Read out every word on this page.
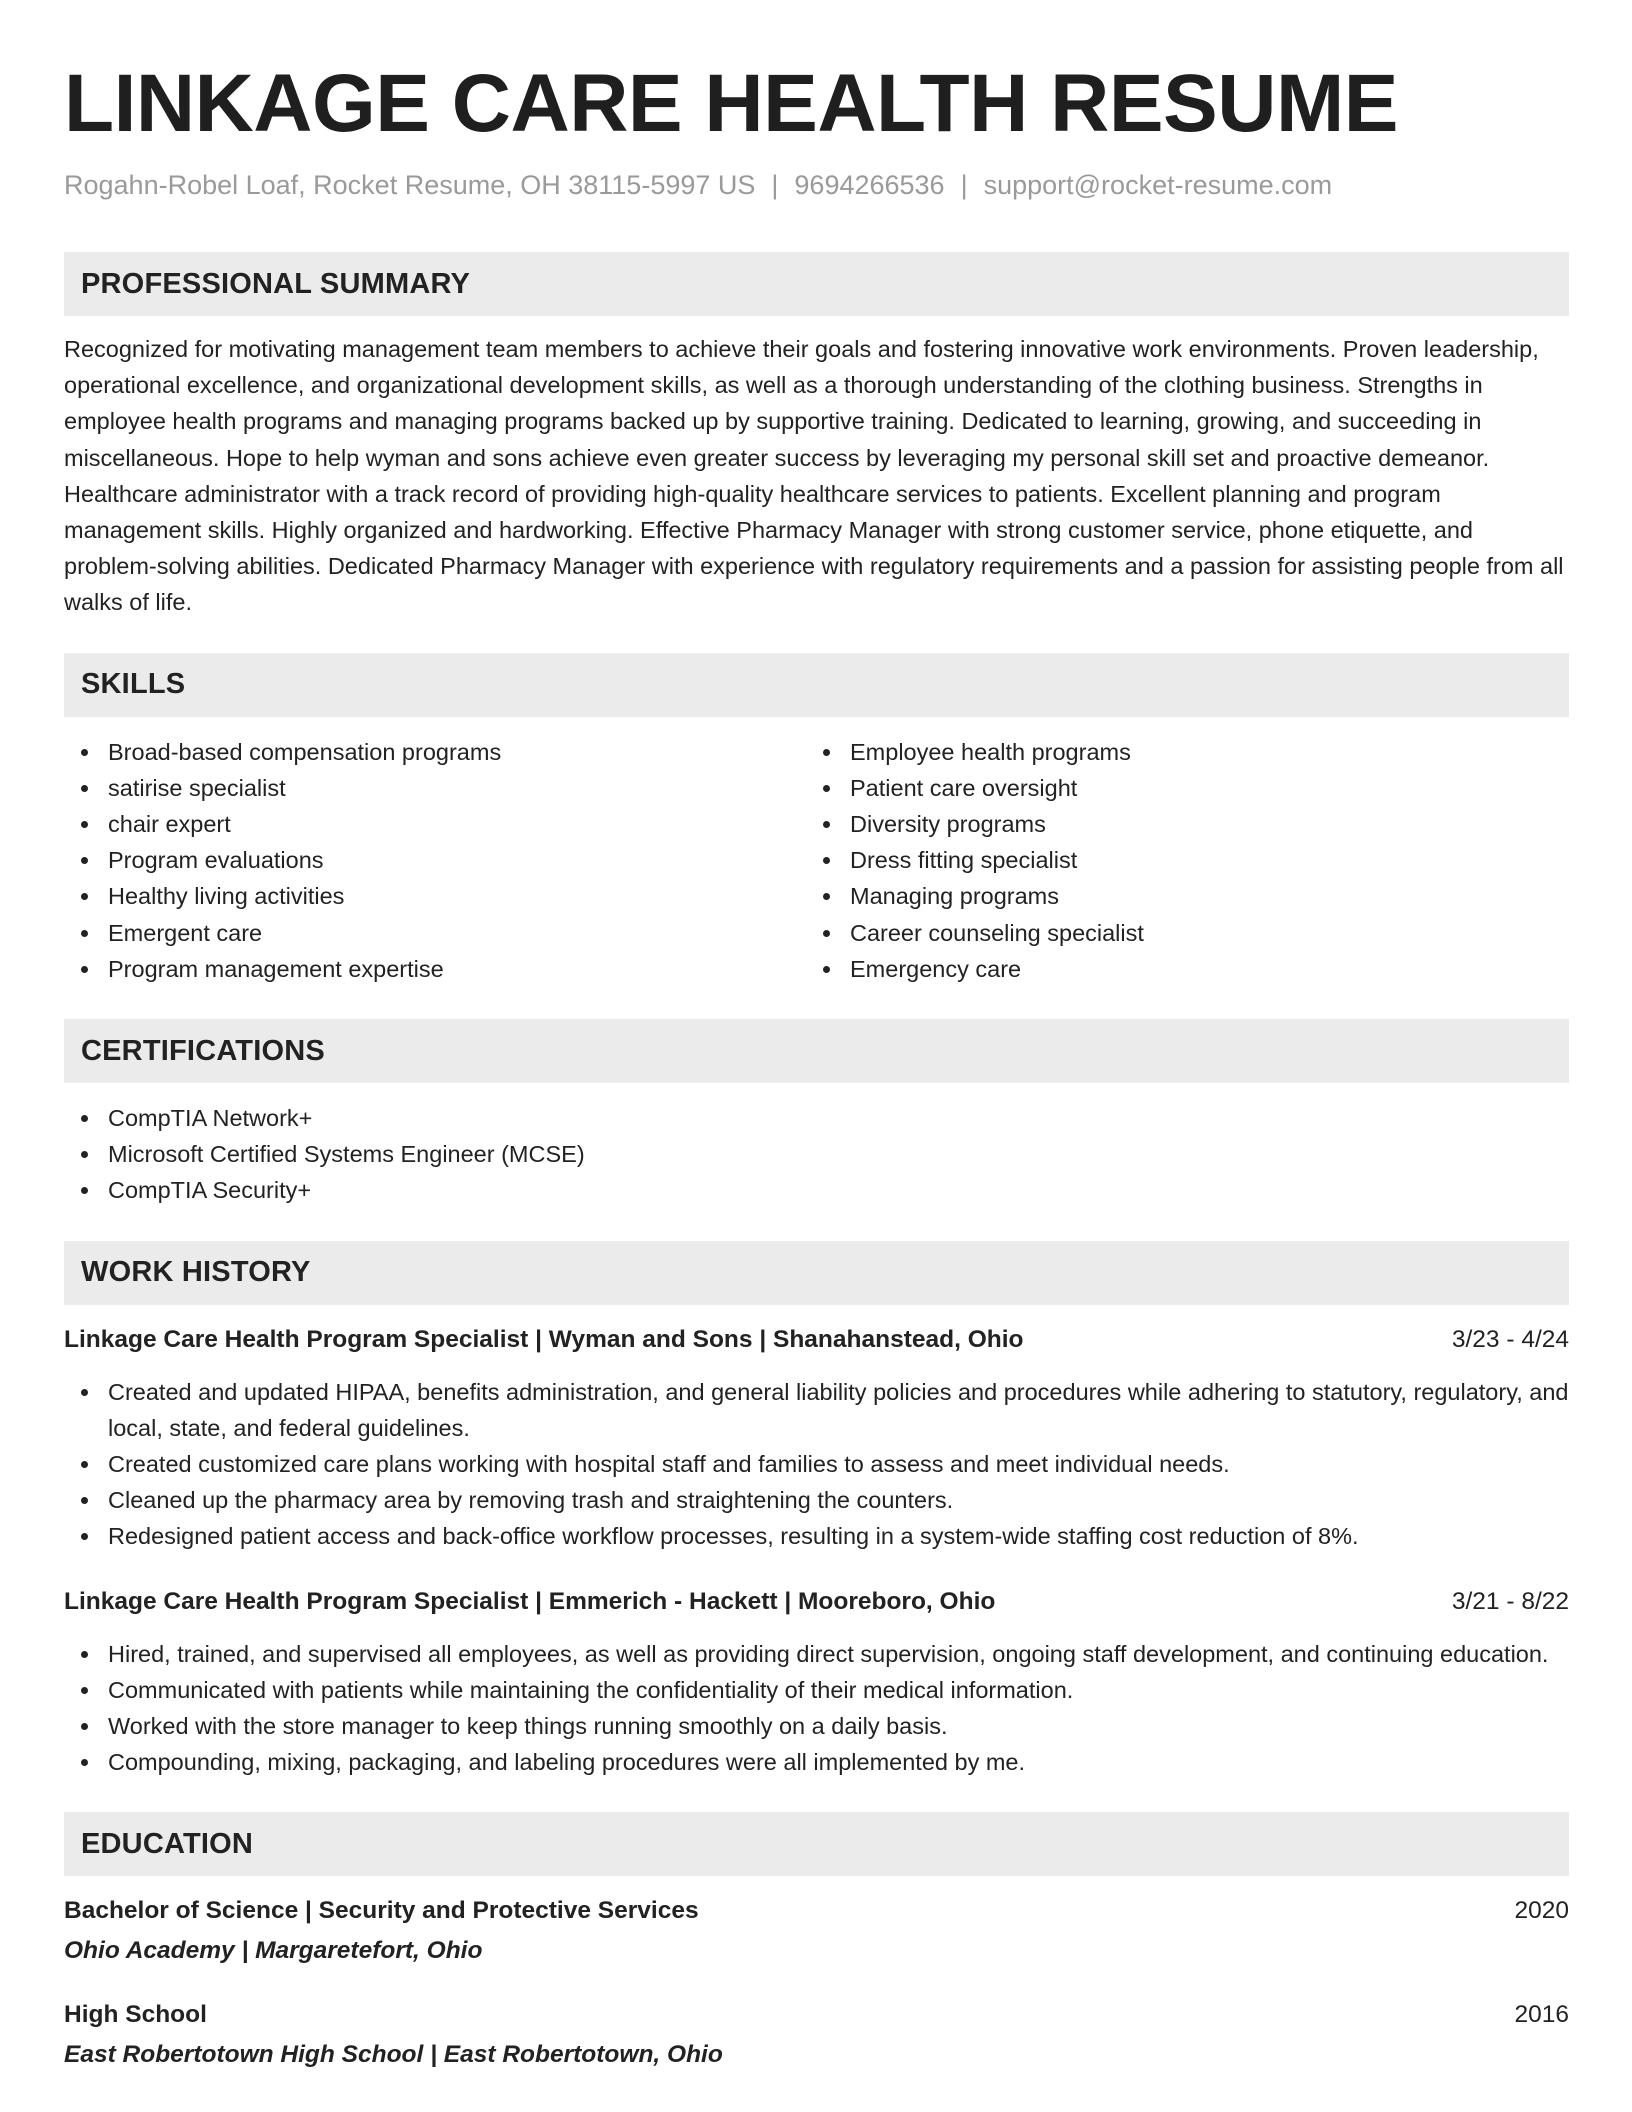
LINKAGE CARE HEALTH RESUME
Rogahn-Robel Loaf, Rocket Resume, OH 38115-5997 US | 9694266536 | support@rocket-resume.com
PROFESSIONAL SUMMARY
Recognized for motivating management team members to achieve their goals and fostering innovative work environments. Proven leadership, operational excellence, and organizational development skills, as well as a thorough understanding of the clothing business. Strengths in employee health programs and managing programs backed up by supportive training. Dedicated to learning, growing, and succeeding in miscellaneous. Hope to help wyman and sons achieve even greater success by leveraging my personal skill set and proactive demeanor. Healthcare administrator with a track record of providing high-quality healthcare services to patients. Excellent planning and program management skills. Highly organized and hardworking. Effective Pharmacy Manager with strong customer service, phone etiquette, and problem-solving abilities. Dedicated Pharmacy Manager with experience with regulatory requirements and a passion for assisting people from all walks of life.
SKILLS
Broad-based compensation programs
satirise specialist
chair expert
Program evaluations
Healthy living activities
Emergent care
Program management expertise
Employee health programs
Patient care oversight
Diversity programs
Dress fitting specialist
Managing programs
Career counseling specialist
Emergency care
CERTIFICATIONS
CompTIA Network+
Microsoft Certified Systems Engineer (MCSE)
CompTIA Security+
WORK HISTORY
Linkage Care Health Program Specialist | Wyman and Sons | Shanahanstead, Ohio	3/23 - 4/24
Created and updated HIPAA, benefits administration, and general liability policies and procedures while adhering to statutory, regulatory, and local, state, and federal guidelines.
Created customized care plans working with hospital staff and families to assess and meet individual needs.
Cleaned up the pharmacy area by removing trash and straightening the counters.
Redesigned patient access and back-office workflow processes, resulting in a system-wide staffing cost reduction of 8%.
Linkage Care Health Program Specialist | Emmerich - Hackett | Mooreboro, Ohio	3/21 - 8/22
Hired, trained, and supervised all employees, as well as providing direct supervision, ongoing staff development, and continuing education.
Communicated with patients while maintaining the confidentiality of their medical information.
Worked with the store manager to keep things running smoothly on a daily basis.
Compounding, mixing, packaging, and labeling procedures were all implemented by me.
EDUCATION
Bachelor of Science | Security and Protective Services	2020
Ohio Academy | Margaretefort, Ohio
High School	2016
East Robertotown High School | East Robertotown, Ohio
